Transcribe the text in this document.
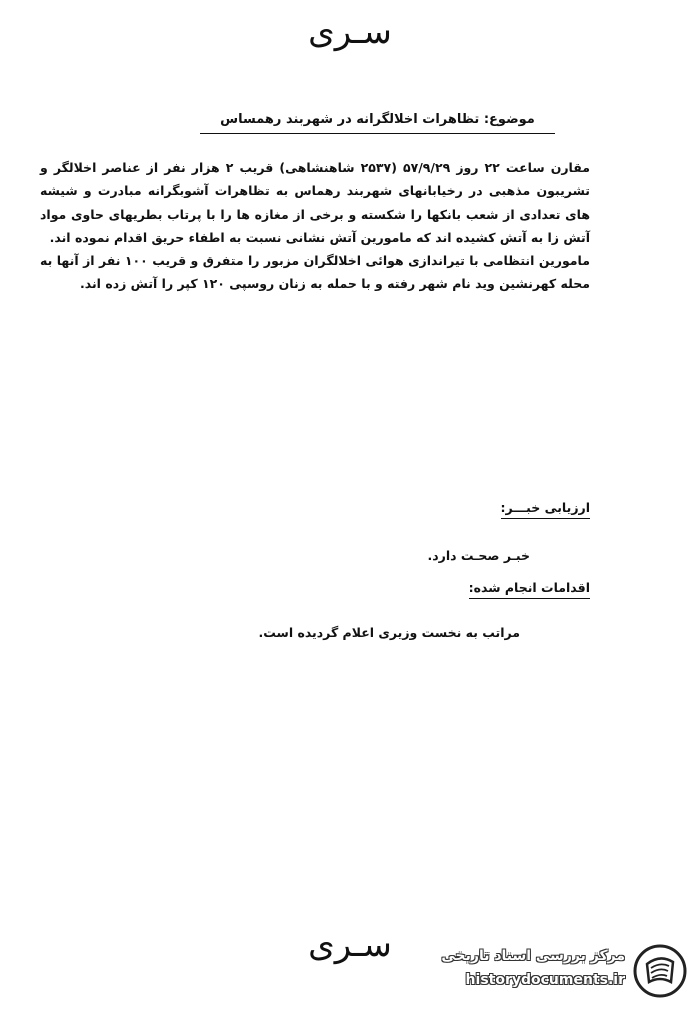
سـرى
موضوع: تظاهرات اخلالگرانه در شهربند رهمساس

مقارن ساعت ۲۲ روز ۵۷/۹/۲۹ (۲۵۳۷ شاهنشاهی) قریب ۲ هزار نفر از عناصر اخلالگر و تشریبون مذهبی در رخیابانهای شهربند رهماس به تظاهرات آشوبگرانه مبادرت و شیشه های تعدادی از شعب بانکها را شکسته و برخی از مغازه ها را با پرتاب بطریهای حاوی مواد آتش زا به آتش کشیده اند که مامورین آتش نشانی نسبت به اطفاء حریق اقدام نموده اند.

مامورین انتظامی با تیراندازی هوائی اخلالگران مزبور را متفرق و قریب ۱۰۰ نفر از آنها به محله کهرنشین وید نام شهر رفته و با حمله به زنان روسپی ۱۲۰ کپر را آتش زده اند.

ارزیابی خبـــر:
خبـر صحـت دارد.
اقدامات انجام شده:
مراتب به نخست وزیری اعلام گردیده است.
سـرى	مرکز بررسی اسناد تاریخی
historydocuments.ir
